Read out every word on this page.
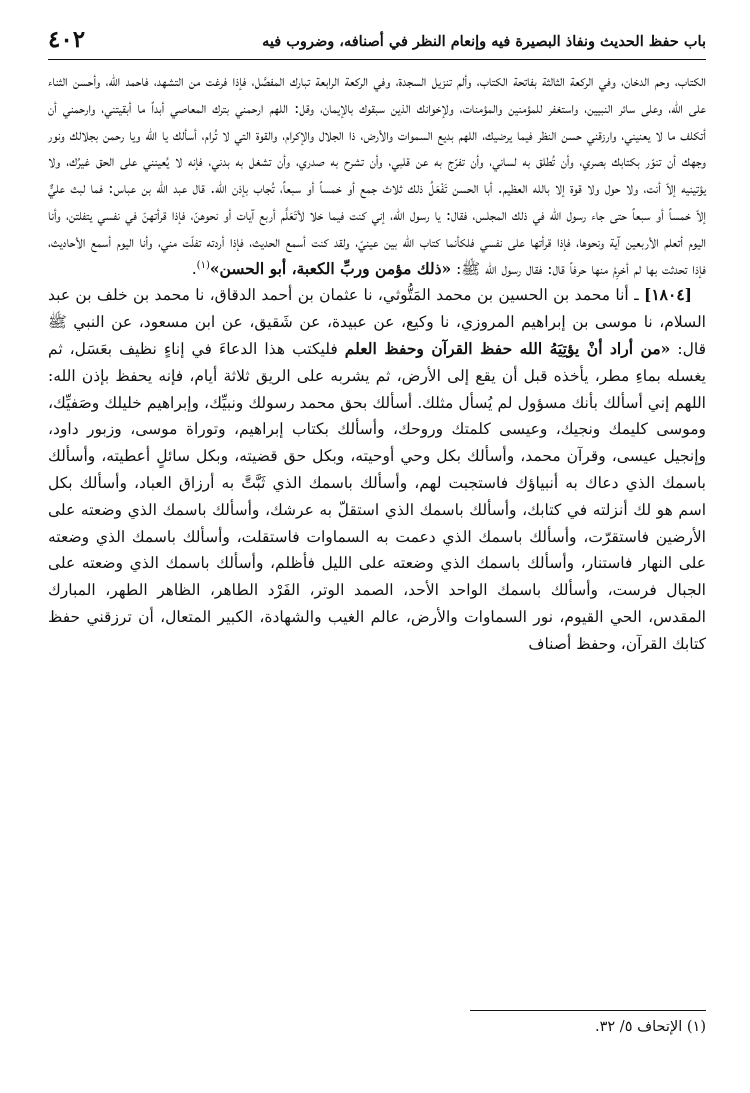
باب حفظ الحديث ونفاذ البصيرة فيه وإنعام النظر في أصنافه، وضروب فيه
٤٠٢

الكتاب، وحم الدخان، وفي الركعة الثالثة بفاتحة الكتاب، وألم تنزيل السجدة، وفي الركعة الرابعة تبارك المفصَّل، فإذا فرغت من التشهد، فاحمد الله، وأحسن الثناء على الله، وعلى سائر النبيين، واستغفر للمؤمنين والمؤمنات، ولإخوانك الذين سبقوك بالإيمان، وقل: اللهم ارحمني بترك المعاصي أبداً ما أبقيتني، وارحمني أن أتكلف ما لا يعنيني، وارزقني حسن النظر فيما يرضيك، اللهم بديع السموات والأرض، ذا الجلال والإكرام، والقوة التي لا تُرام، أسألك يا الله ويا رحمن بجلالك ونور وجهك أن تنوّر بكتابك بصري، وأن تُطلق به لساني، وأن تفرّج به عن قلبي، وأن تشرح به صدري، وأن تشغل به بدني، فإنه لا يُعينني على الحق غيرُك، ولا يؤتينيه إلاّ أنت، ولا حول ولا قوة إلا بالله العظيم. أبا الحسن تَفْعَلُ ذلك ثلاث جمع أو خمساً أو سبعاً، تُجاب بإذن الله. قال عبد الله بن عباس: فما لبث عليٌّ إلاّ خمساً أو سبعاً حتى جاء رسول الله في ذلك المجلس، فقال: يا رسول الله، إني كنت فيما خلا لأتَعَلَّم أربع آيات أو نحوهنّ، فإذا قرأتهنّ في نفسي يتفلتن، وأنا اليوم أتعلم الأربعين آية ونحوها، فإذا قرأتها على نفسي فلكأنما كتاب الله بين عينيّ، ولقد كنت أسمع الحديث، فإذا أردته تفلّت مني، وأنا اليوم أسمع الأحاديث، فإذا تحدثت بها لم أخرِمْ منها حرفاً قال: فقال رسول الله ﷺ: «ذلك مؤمن وربِّ الكعبة، أبو الحسن»$^{(١)}$.

[١٨٠٤] ـ أنا محمد بن الحسين بن محمد المَتُّوثي، نا عثمان بن أحمد الدقاق، نا محمد بن خلف بن عبد السلام، نا موسى بن إبراهيم المروزي، نا وكيع، عن عبيدة، عن شَقيق، عن ابن مسعود، عن النبي ﷺ قال: «من أراد أنْ يؤتِيَهُ الله حفظ القرآن وحفظ العلم فليكتب هذا الدعاءَ في إناءٍ نظيف بعَسَل، ثم يغسله بماءِ مطر، يأخذه قبل أن يقع إلى الأرض، ثم يشربه على الريق ثلاثة أيام، فإنه يحفظ بإذن الله: اللهم إني أسألك بأنك مسؤول لم يُسأل مثلك. أسألك بحق محمد رسولك ونبيِّك، وإبراهيم خليلك وصَفيِّك، وموسى كليمك ونجيك، وعيسى كلمتك وروحك، وأسألك بكتاب إبراهيم، وتوراة موسى، وزبور داود، وإنجيل عيسى، وقرآن محمد، وأسألك بكل وحي أوحيته، وبكل حق قضيته، وبكل سائلٍ أعطيته، وأسألك باسمك الذي دعاك به أنبياؤك فاستجبت لهم، وأسألك باسمك الذي ثَبَّتَّ به أرزاق العباد، وأسألك بكل اسم هو لك أنزلته في كتابك، وأسألك باسمك الذي استقلّ به عرشك، وأسألك باسمك الذي وضعته على الأرضين فاستقرّت، وأسألك باسمك الذي دعمت به السماوات فاستقلت، وأسألك باسمك الذي وضعته على النهار فاستنار، وأسألك باسمك الذي وضعته على الليل فأظلم، وأسألك باسمك الذي وضعته على الجبال فرست، وأسألك باسمك الواحد الأحد، الصمد الوتر، الفَرْد الطاهر، الظاهر الطهر، المبارك المقدس، الحي القيوم، نور السماوات والأرض، عالم الغيب والشهادة، الكبير المتعال، أن ترزقني حفظ كتابك القرآن، وحفظ أصناف

(١) الإتحاف ٥/ ٣٢.
